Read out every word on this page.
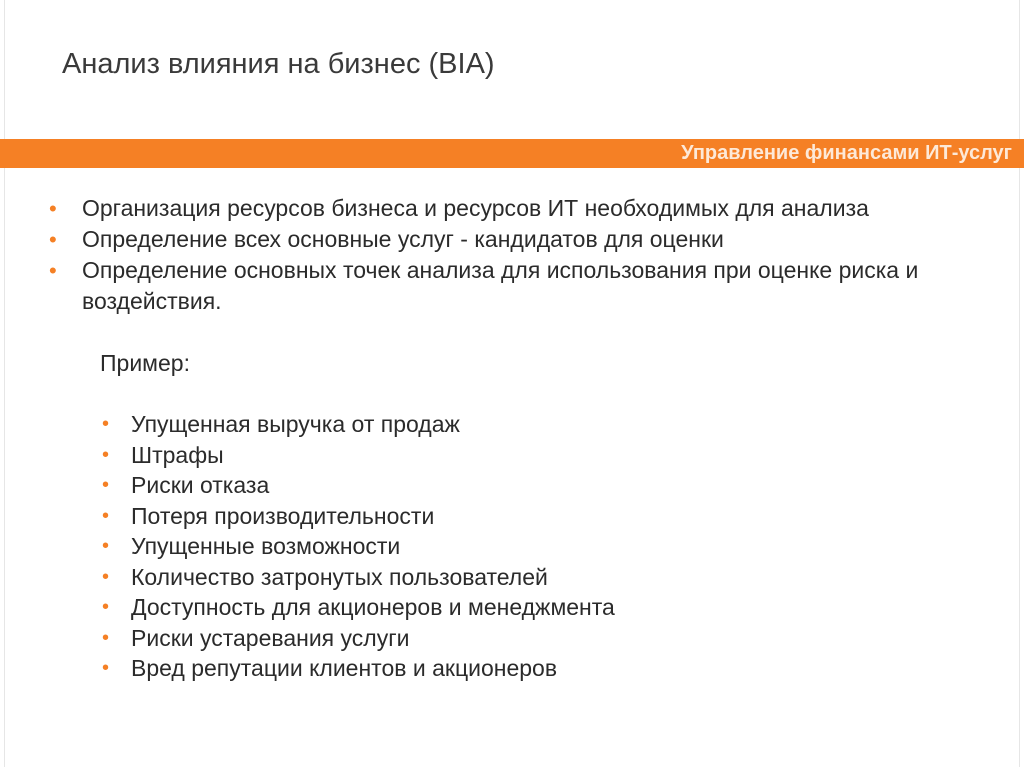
Анализ влияния на бизнес (BIA)
Управление финансами ИТ-услуг
• Организация ресурсов бизнеса и ресурсов ИТ необходимых для анализа
• Определение всех основные услуг - кандидатов для оценки
• Определение основных точек анализа для использования при оценке риска и воздействия.
Пример:
• Упущенная выручка от продаж
• Штрафы
• Риски отказа
• Потеря производительности
• Упущенные возможности
• Количество затронутых пользователей
• Доступность для акционеров и менеджмента
• Риски устаревания услуги
• Вред репутации клиентов и акционеров
